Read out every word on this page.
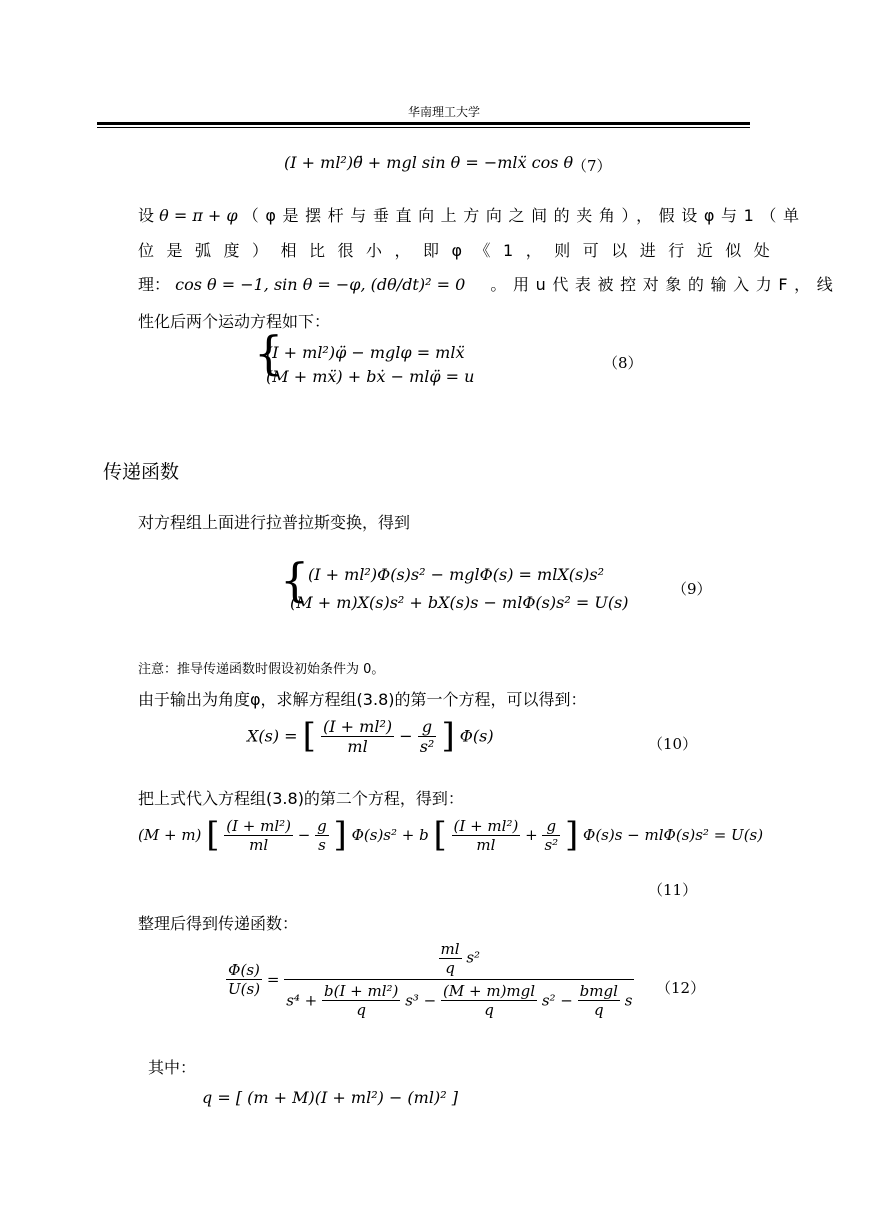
华南理工大学
(I + ml²)θ̈ + mgl sin θ = −mlẍ cos θ
（7）
设 θ = π + φ （φ是摆杆与垂直向上方向之间的夹角），假设φ与1（单
位是弧度）相比很小，即φ《1，则可以进行近似处
理： cos θ = −1, sin θ = −φ, (dθ/dt)² = 0 。用u代表被控对象的输入力F，线
性化后两个运动方程如下：
{
(I + ml²)φ̈ − mglφ = mlẍ
(M + mẍ) + bẋ − mlφ̈ = u
（8）
传递函数
对方程组上面进行拉普拉斯变换，得到
{
(I + ml²)Φ(s)s² − mglΦ(s) = mlX(s)s²
(M + m)X(s)s² + bX(s)s − mlΦ(s)s² = U(s)
（9）
注意：推导传递函数时假设初始条件为 0。
由于输出为角度φ，求解方程组(3.8)的第一个方程，可以得到：
X(s) = [ $\frac{\text{(I + ml²)}}{ml} - \frac{g}{\text{s²}}$ ] Φ(s)	（10）
把上式代入方程组(3.8)的第二个方程，得到：
(M + m) [ $\frac{\text{(I + ml²)}}{ml} - \frac{g}{s}$ ] Φ(s)s² + b [ $\frac{\text{(I + ml²)}}{ml} + \frac{g}{\text{s²}}$ ] Φ(s)s − mlΦ(s)s² = U(s)
（11）
整理后得到传递函数：
$\frac{\Phi(s)}{U(s)}$ =
$\frac{ml}{q} s^2$
$s^4 + \frac{\text{b(I + ml²)}}{q} s^3 - \frac{\text{(M + m)mgl}}{q} s^2 - \frac{\text{bmgl}}{q}$ s
（12）
其中：
q = [ (m + M)(I + ml²) − (ml)² ]
